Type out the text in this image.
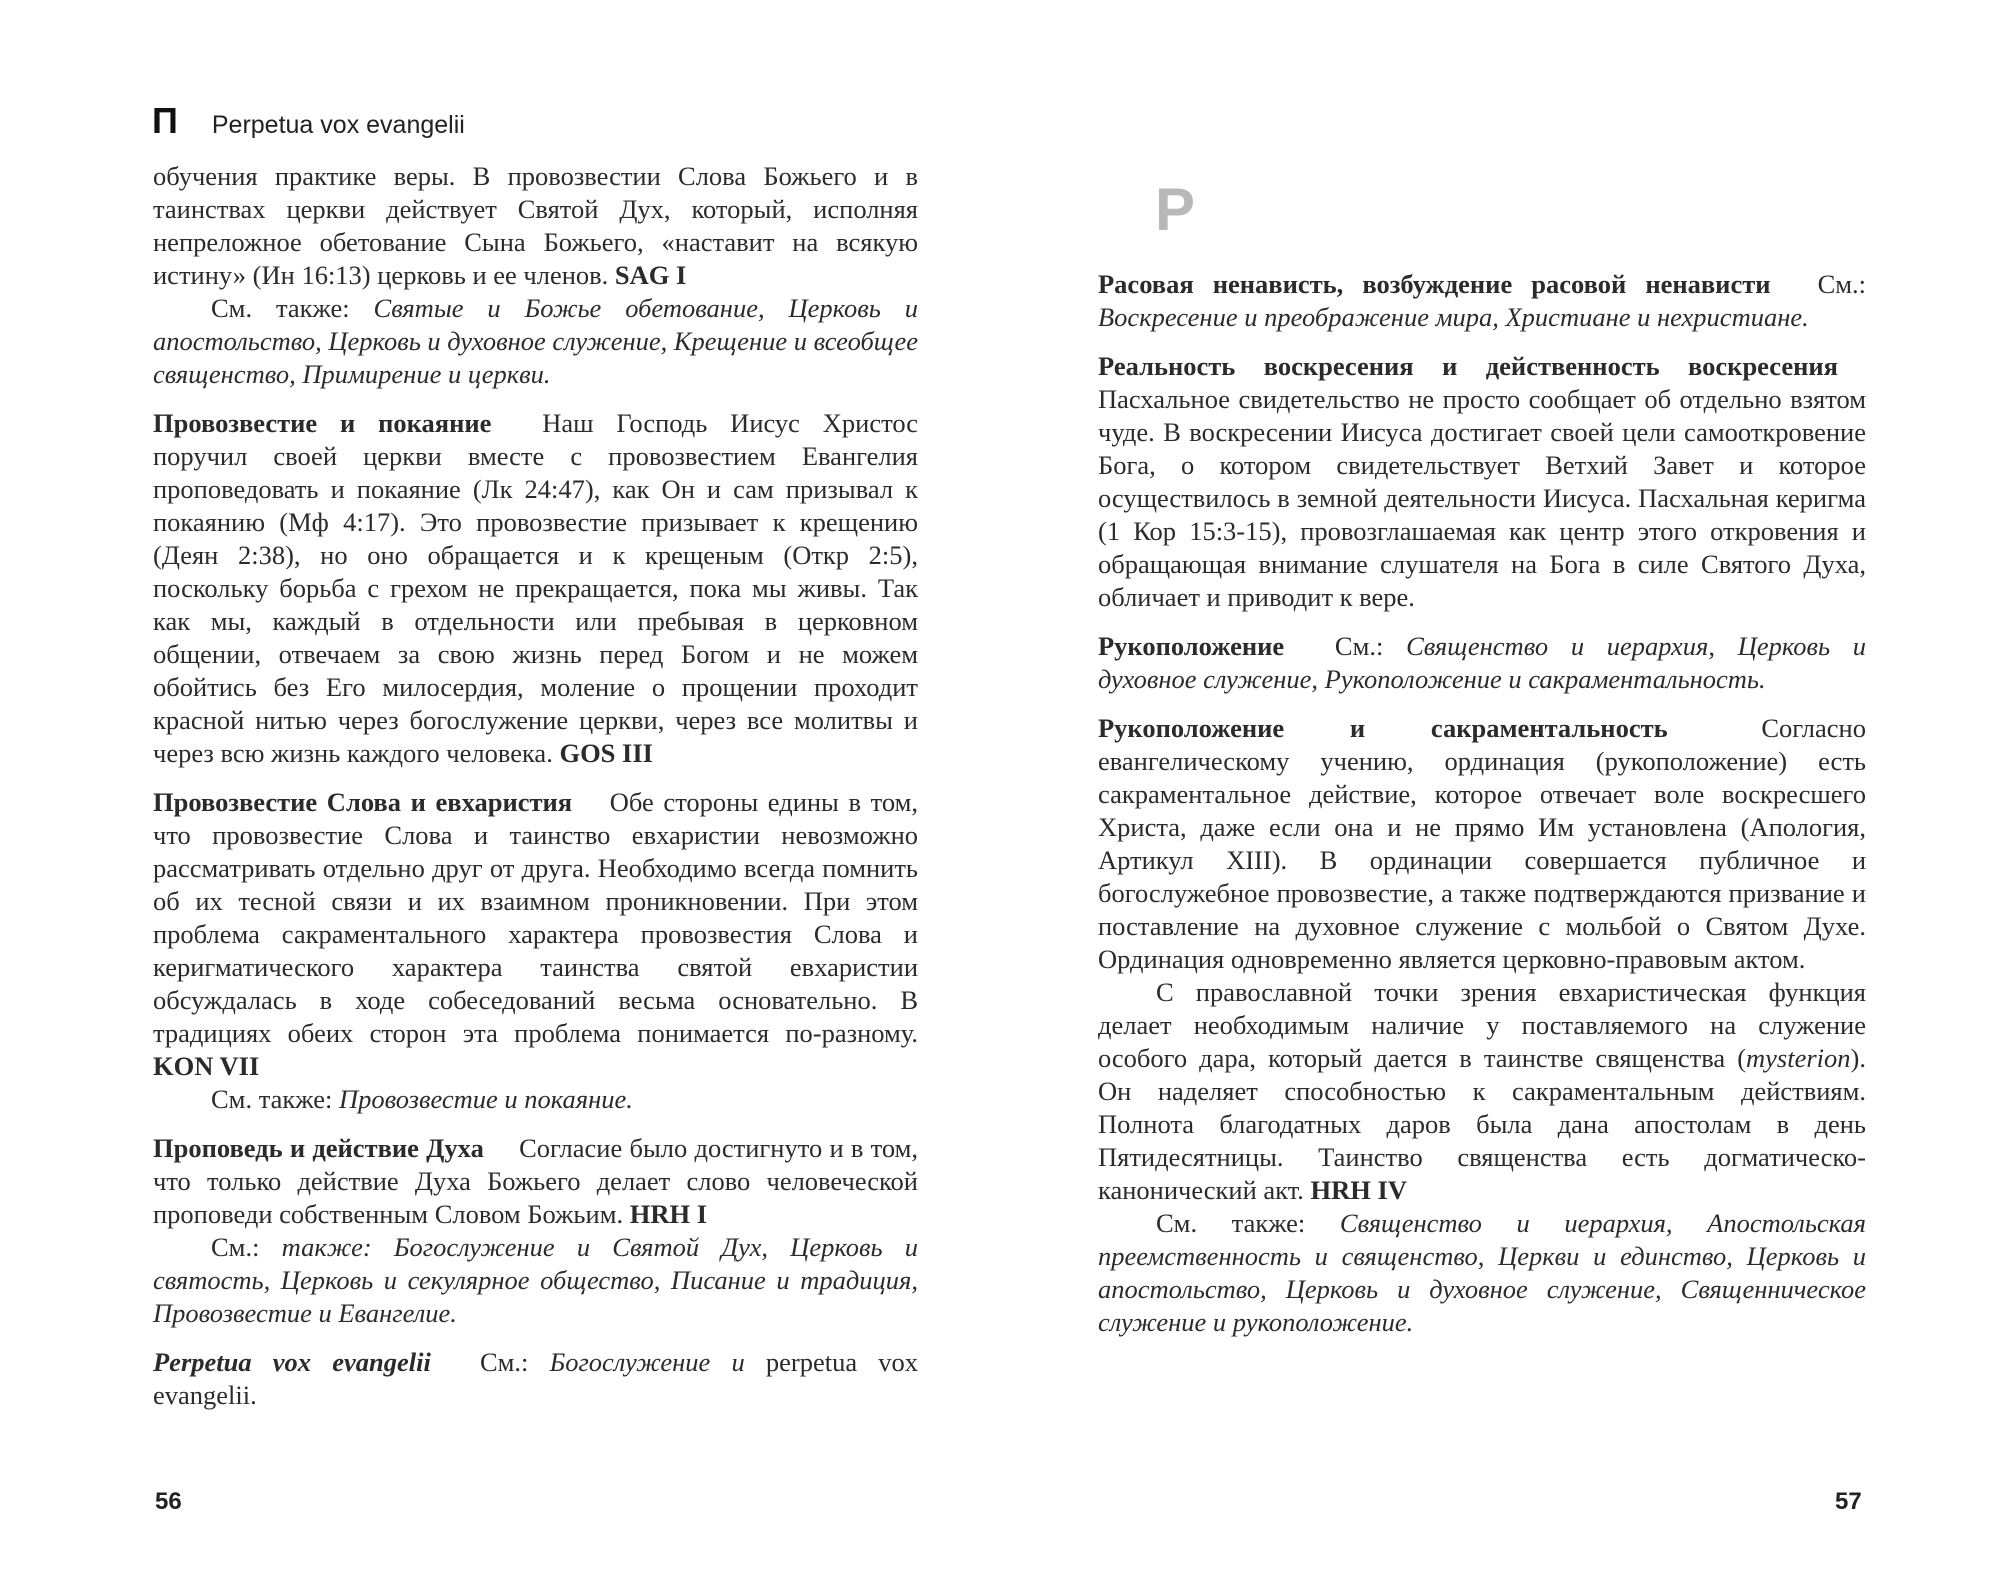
П Perpetua vox evangelii

обучения практике веры. В провозвестии Слова Божьего и в таинствах церкви действует Святой Дух, который, исполняя непреложное обетование Сына Божьего, «наставит на всякую истину» (Ин 16:13) церковь и ее членов. SAG I

См. также: Святые и Божье обетование, Церковь и апостольство, Церковь и духовное служение, Крещение и всеобщее священство, Примирение и церкви.

Провозвестие и покаяние Наш Господь Иисус Христос поручил своей церкви вместе с провозвестием Евангелия проповедовать и покаяние (Лк 24:47), как Он и сам призывал к покаянию (Мф 4:17). Это провозвестие призывает к крещению (Деян 2:38), но оно обращается и к крещеным (Откр 2:5), поскольку борьба с грехом не прекращается, пока мы живы. Так как мы, каждый в отдельности или пребывая в церковном общении, отвечаем за свою жизнь перед Богом и не можем обойтись без Его милосердия, моление о прощении проходит красной нитью через богослужение церкви, через все молитвы и через всю жизнь каждого человека. GOS III

Провозвестие Слова и евхаристия Обе стороны едины в том, что провозвестие Слова и таинство евхаристии невозможно рассматривать отдельно друг от друга. Необходимо всегда помнить об их тесной связи и их взаимном проникновении. При этом проблема сакраментального характера провозвестия Слова и керигматического характера таинства святой евхаристии обсуждалась в ходе собеседований весьма основательно. В традициях обеих сторон эта проблема понимается по-разному. KON VII

См. также: Провозвестие и покаяние.

Проповедь и действие Духа Согласие было достигнуто и в том, что только действие Духа Божьего делает слово человеческой проповеди собственным Словом Божьим. HRH I

См.: также: Богослужение и Святой Дух, Церковь и святость, Церковь и секулярное общество, Писание и традиция, Провозвестие и Евангелие.

Perpetua vox evangelii См.: Богослужение и perpetua vox evangelii.

56
Р

Расовая ненависть, возбуждение расовой ненависти См.: Воскресение и преображение мира, Христиане и нехристиане.

Реальность воскресения и действенность воскресения Пасхальное свидетельство не просто сообщает об отдельно взятом чуде. В воскресении Иисуса достигает своей цели самооткровение Бога, о котором свидетельствует Ветхий Завет и которое осуществилось в земной деятельности Иисуса. Пасхальная керигма (1 Кор 15:3-15), провозглашаемая как центр этого откровения и обращающая внимание слушателя на Бога в силе Святого Духа, обличает и приводит к вере.

Рукоположение См.: Священство и иерархия, Церковь и духовное служение, Рукоположение и сакраментальность.

Рукоположение и сакраментальность	Согласно евангелическому учению, ординация (рукоположение) есть сакраментальное действие, которое отвечает воле воскресшего Христа, даже если она и не прямо Им установлена (Апология, Артикул XIII). В ординации совершается публичное и богослужебное провозвестие, а также подтверждаются призвание и поставление на духовное служение с мольбой о Святом Духе. Ординация одновременно является церковно-правовым актом.

С православной точки зрения евхаристическая функция делает необходимым наличие у поставляемого на служение особого дара, который дается в таинстве священства (mysterion). Он наделяет способностью к сакраментальным действиям. Полнота благодатных даров была дана апостолам в день Пятидесятницы. Таинство священства есть догматическо-канонический акт. HRH IV

См. также: Священство и иерархия, Апостольская преемственность и священство, Церкви и единство, Церковь и апостольство, Церковь и духовное служение, Священническое служение и рукоположение.

57
